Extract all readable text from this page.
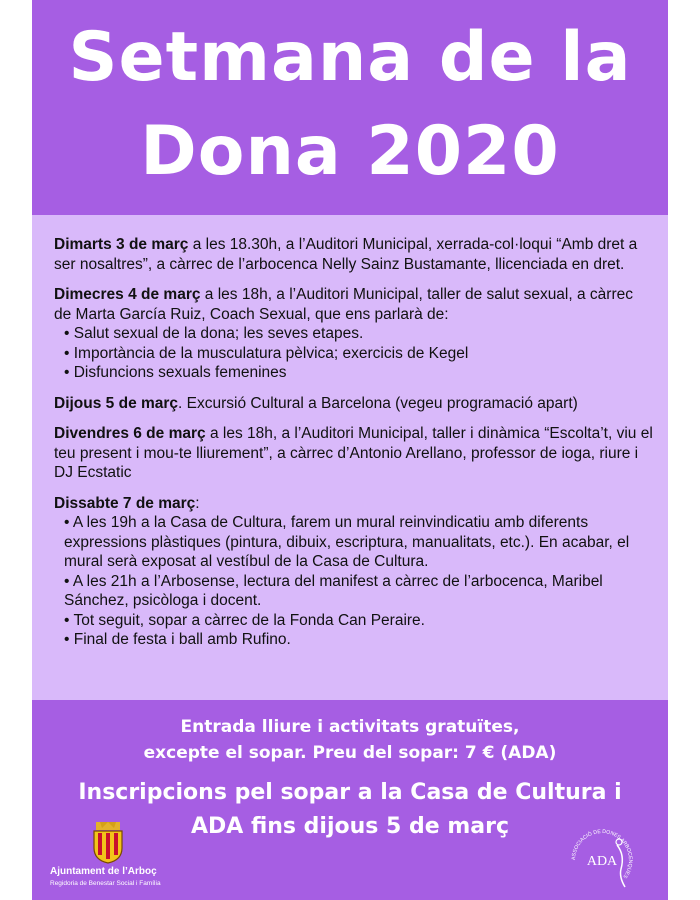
Setmana de la
Dona 2020
Dimarts 3 de març a les 18.30h, a l’Auditori Municipal, xerrada-col·loqui “Amb dret a ser nosaltres”, a càrrec de l’arbocenca Nelly Sainz Bustamante, llicenciada en dret.
Dimecres 4 de març a les 18h, a l’Auditori Municipal, taller de salut sexual, a càrrec de Marta García Ruiz, Coach Sexual, que ens parlarà de:
• Salut sexual de la dona; les seves etapes.
• Importància de la musculatura pèlvica; exercicis de Kegel
• Disfuncions sexuals femenines
Dijous 5 de març. Excursió Cultural a Barcelona (vegeu programació apart)
Divendres 6 de març a les 18h, a l’Auditori Municipal, taller i dinàmica “Escolta’t, viu el teu present i mou-te lliurement”, a càrrec d’Antonio Arellano, professor de ioga, riure i DJ Ecstatic
Dissabte 7 de març:
• A les 19h a la Casa de Cultura, farem un mural reinvindicatiu amb diferents expressions plàstiques (pintura, dibuix, escriptura, manualitats, etc.). En acabar, el mural serà exposat al vestíbul de la Casa de Cultura.
• A les 21h a l’Arbosense, lectura del manifest a càrrec de l’arbocenca, Maribel Sánchez, psicòloga i docent.
• Tot seguit, sopar a càrrec de la Fonda Can Peraire.
• Final de festa i ball amb Rufino.
Entrada lliure i activitats gratuïtes,
excepte el sopar. Preu del sopar: 7 € (ADA)
Inscripcions pel sopar a la Casa de Cultura i
ADA fins dijous 5 de març
Ajuntament de l’Arboç
Regidoria de Benestar Social i Família
ASSOCIACIÓ DE DONES ARBOCENQUES
ADA
